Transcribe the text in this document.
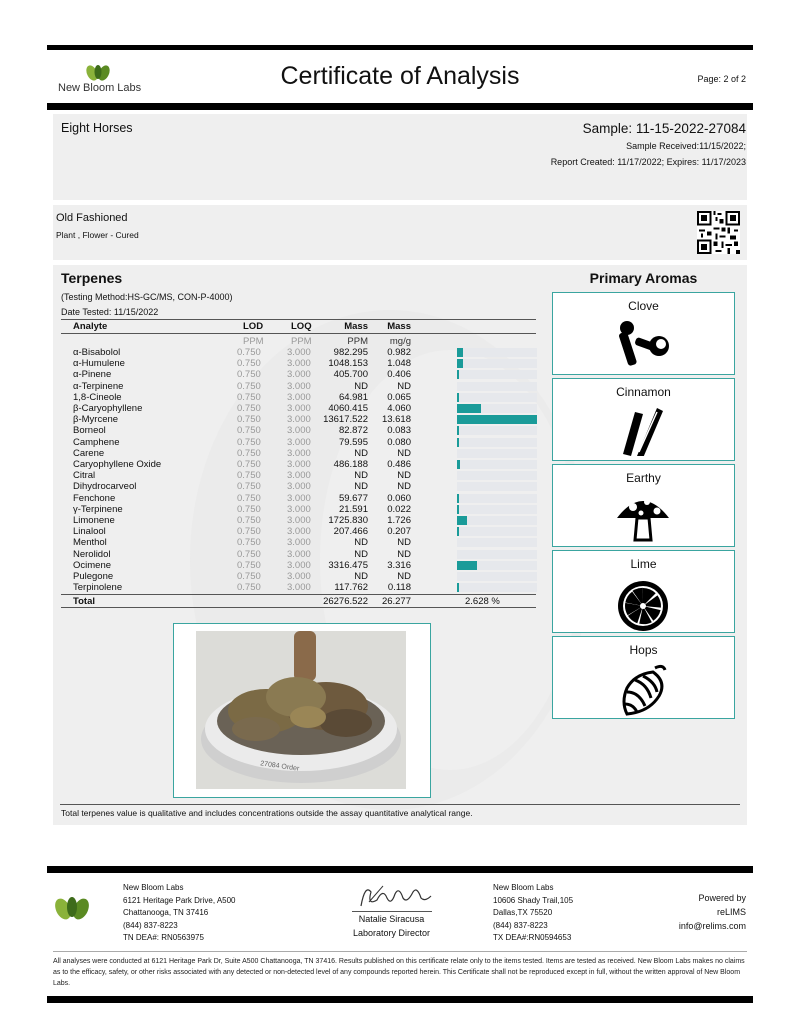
New Bloom Labs	Certificate of Analysis	Page: 2 of 2
Eight Horses	Sample: 11-15-2022-27084
Sample Received:11/15/2022;
Report Created: 11/17/2022; Expires: 11/17/2023
Old Fashioned
Plant , Flower - Cured
Terpenes
(Testing Method:HS-GC/MS, CON-P-4000)
Date Tested: 11/15/2022
Analyte	LOD	LOQ	Mass Mass
PPM	PPM	PPM mg/g
α-Bisabolol	0.750	3.000 982.295 0.982
α-Humulene	0.750	3.000 1048.153 1.048
α-Pinene	0.750	3.000 405.700 0.406
α-Terpinene	0.750	3.000	ND	ND
1,8-Cineole	0.750	3.000	64.981 0.065
β-Caryophyllene	0.750	3.000 4060.415 4.060
β-Myrcene	0.750	3.000 13617.522 13.618
Borneol	0.750	3.000	82.872 0.083
Camphene	0.750	3.000	79.595 0.080
Carene	0.750	3.000	ND	ND
Caryophyllene Oxide	0.750	3.000 486.188 0.486
Citral	0.750	3.000	ND	ND
Dihydrocarveol	0.750	3.000	ND	ND
Fenchone	0.750	3.000	59.677 0.060
γ-Terpinene	0.750	3.000	21.591 0.022
Limonene	0.750	3.000 1725.830 1.726
Linalool	0.750	3.000 207.466 0.207
Menthol	0.750	3.000	ND	ND
Nerolidol	0.750	3.000	ND	ND
Ocimene	0.750	3.000 3316.475 3.316
Pulegone	0.750	3.000	ND	ND
Terpinolene	0.750	3.000 117.762 0.118
Total	26276.522 26.277	2.628 %
27084 Order
Primary Aromas
Clove
Cinnamon
Earthy
Lime
Hops
Total terpenes value is qualitative and includes concentrations outside the assay quantitative analytical range.
New Bloom Labs
6121 Heritage Park Drive, A500
Chattanooga, TN 37416
(844) 837-8223
TN DEA#: RN0563975
Natalie Siracusa
Laboratory Director
New Bloom Labs
10606 Shady Trail,105
Dallas,TX 75520
(844) 837-8223
TX DEA#:RN0594653
Powered by
reLIMS
info@relims.com
All analyses were conducted at 6121 Heritage Park Dr, Suite A500 Chattanooga, TN 37416. Results published on this certificate relate only to the items tested. Items are tested as received. New Bloom Labs makes no claims as to the efficacy, safety, or other risks associated with any detected or non-detected level of any compounds reported herein. This Certificate shall not be reproduced except in full, without the written approval of New Bloom Labs.
